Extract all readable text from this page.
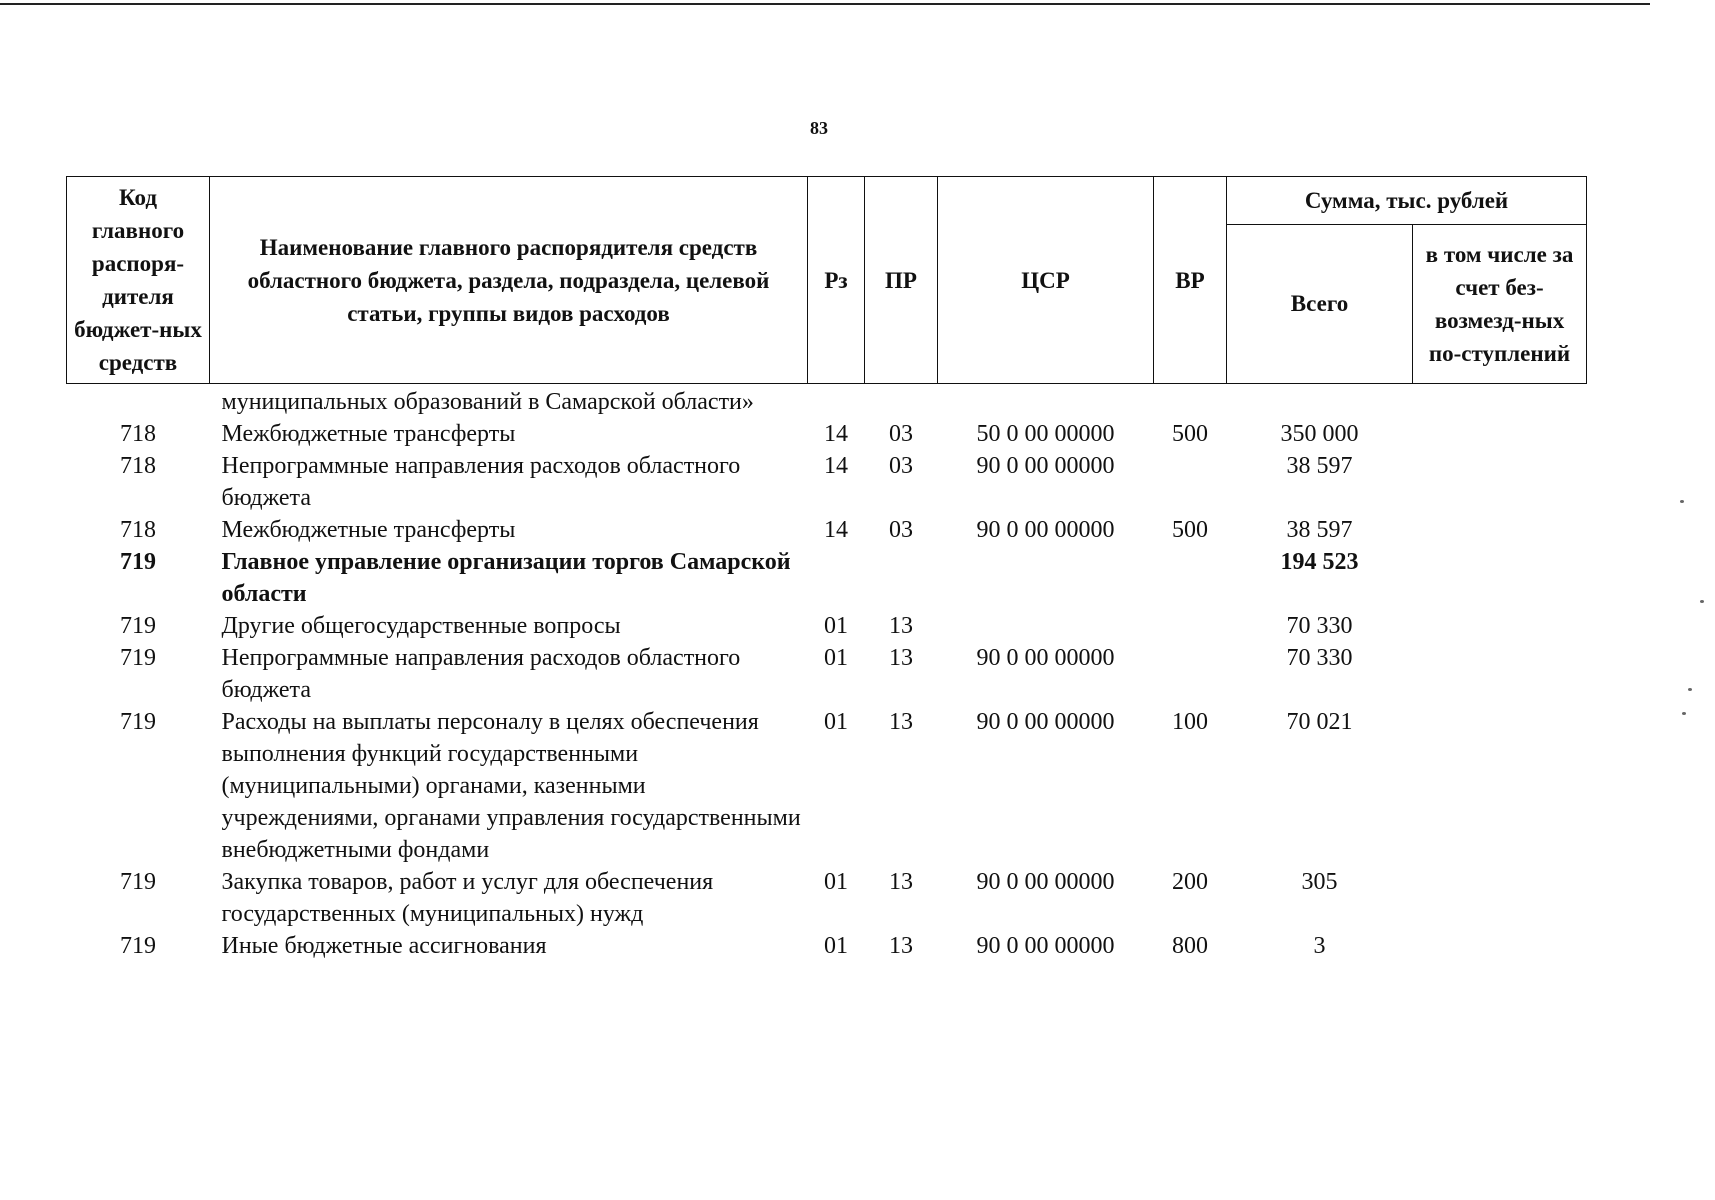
83
Код главного распоря-дителя бюджет-ных средств	Наименование главного распорядителя средств областного бюджета, раздела, подраздела, целевой статьи, группы видов расходов	Рз	ПР	ЦСР	ВР	Сумма, тыс. рублей	
						Всего	в том числе за счет без-возмезд-ных по-ступлений
	муниципальных образований в Самарской области»						
718	Межбюджетные трансферты	14	03	50 0 00 00000	500	350 000	
718	Непрограммные направления расходов областного бюджета	14	03	90 0 00 00000		38 597	
718	Межбюджетные трансферты	14	03	90 0 00 00000	500	38 597	
719	Главное управление организации торгов Самарской области					194 523	
719	Другие общегосударственные вопросы	01	13			70 330	
719	Непрограммные направления расходов областного бюджета	01	13	90 0 00 00000		70 330	
719	Расходы на выплаты персоналу в целях обеспечения выполнения функций государственными (муниципальными) органами, казенными учреждениями, органами управления государственными внебюджетными фондами	01	13	90 0 00 00000	100	70 021	
719	Закупка товаров, работ и услуг для обеспечения государственных (муниципальных) нужд	01	13	90 0 00 00000	200	305	
719	Иные бюджетные ассигнования	01	13	90 0 00 00000	800	3	
